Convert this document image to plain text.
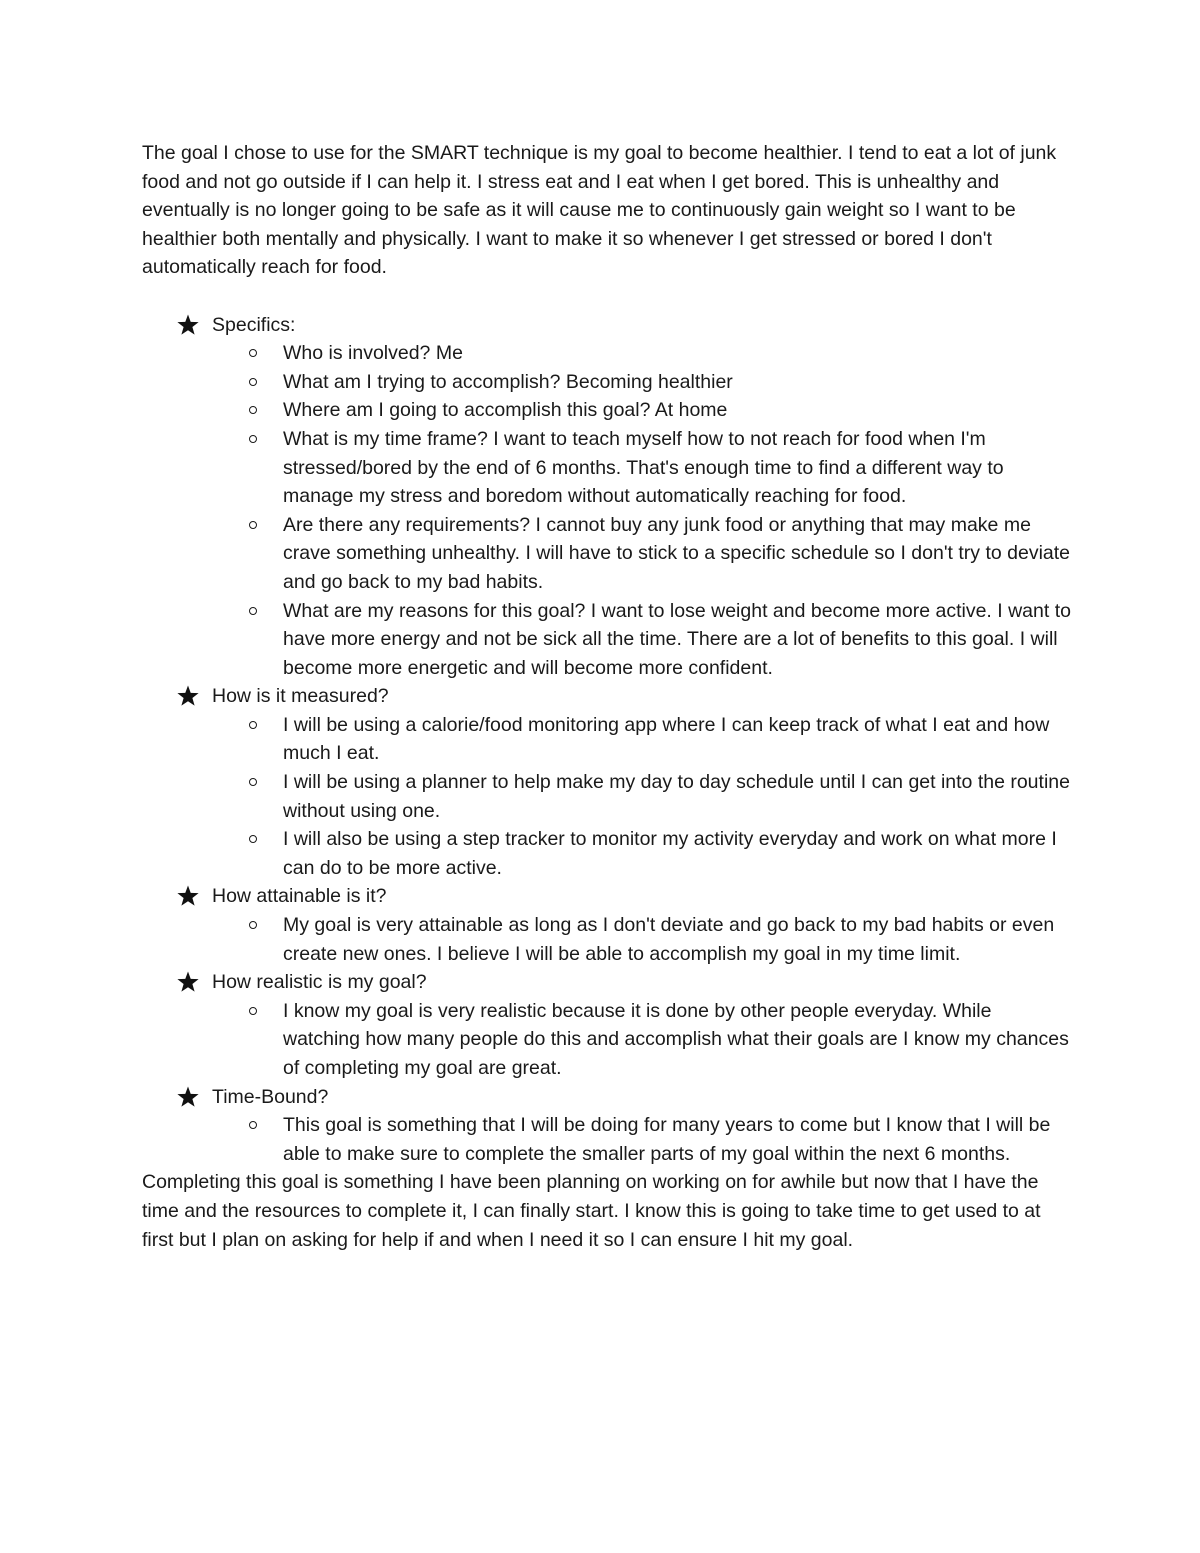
The goal I chose to use for the SMART technique is my goal to become healthier. I tend to eat a lot of junk food and not go outside if I can help it. I stress eat and I eat when I get bored. This is unhealthy and eventually is no longer going to be safe as it will cause me to continuously gain weight so I want to be healthier both mentally and physically. I want to make it so whenever I get stressed or bored I don't automatically reach for food.

Specifics:
Who is involved? Me
What am I trying to accomplish? Becoming healthier
Where am I going to accomplish this goal? At home
What is my time frame? I want to teach myself how to not reach for food when I'm stressed/bored by the end of 6 months. That's enough time to find a different way to manage my stress and boredom without automatically reaching for food.
Are there any requirements? I cannot buy any junk food or anything that may make me crave something unhealthy. I will have to stick to a specific schedule so I don't try to deviate and go back to my bad habits.
What are my reasons for this goal? I want to lose weight and become more active. I want to have more energy and not be sick all the time. There are a lot of benefits to this goal. I will become more energetic and will become more confident.
How is it measured?
I will be using a calorie/food monitoring app where I can keep track of what I eat and how much I eat.
I will be using a planner to help make my day to day schedule until I can get into the routine without using one.
I will also be using a step tracker to monitor my activity everyday and work on what more I can do to be more active.
How attainable is it?
My goal is very attainable as long as I don't deviate and go back to my bad habits or even create new ones. I believe I will be able to accomplish my goal in my time limit.
How realistic is my goal?
I know my goal is very realistic because it is done by other people everyday. While watching how many people do this and accomplish what their goals are I know my chances of completing my goal are great.
Time-Bound?
This goal is something that I will be doing for many years to come but I know that I will be able to make sure to complete the smaller parts of my goal within the next 6 months.

Completing this goal is something I have been planning on working on for awhile but now that I have the time and the resources to complete it, I can finally start. I know this is going to take time to get used to at first but I plan on asking for help if and when I need it so I can ensure I hit my goal.
